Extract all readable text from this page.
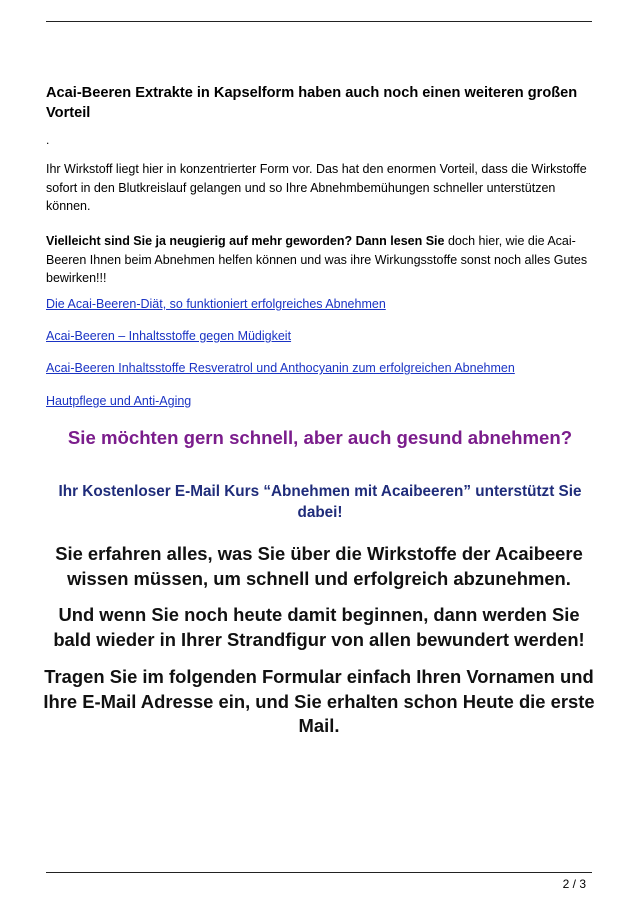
Acai-Beeren Extrakte in Kapselform haben auch noch einen weiteren großen Vorteil

.

Ihr Wirkstoff liegt hier in konzentrierter Form vor. Das hat den enormen Vorteil, dass die Wirkstoffe sofort in den Blutkreislauf gelangen und so Ihre Abnehmbemühungen schneller unterstützen können.

Vielleicht sind Sie ja neugierig auf mehr geworden? Dann lesen Sie doch hier, wie die Acai-Beeren Ihnen beim Abnehmen helfen können und was ihre Wirkungsstoffe sonst noch alles Gutes bewirken!!!

Die Acai-Beeren-Diät, so funktioniert erfolgreiches Abnehmen
Acai-Beeren – Inhaltsstoffe gegen Müdigkeit
Acai-Beeren Inhaltsstoffe Resveratrol und Anthocyanin zum erfolgreichen Abnehmen
Hautpflege und Anti-Aging

Sie möchten gern schnell, aber auch gesund abnehmen?

Ihr Kostenloser E-Mail Kurs “Abnehmen mit Acaibeeren” unterstützt Sie dabei!

Sie erfahren alles, was Sie über die Wirkstoffe der Acaibeere wissen müssen, um schnell und erfolgreich abzunehmen.

Und wenn Sie noch heute damit beginnen, dann werden Sie bald wieder in Ihrer Strandfigur von allen bewundert werden!

Tragen Sie im folgenden Formular einfach Ihren Vornamen und Ihre E-Mail Adresse ein, und Sie erhalten schon Heute die erste Mail.

2 / 3
